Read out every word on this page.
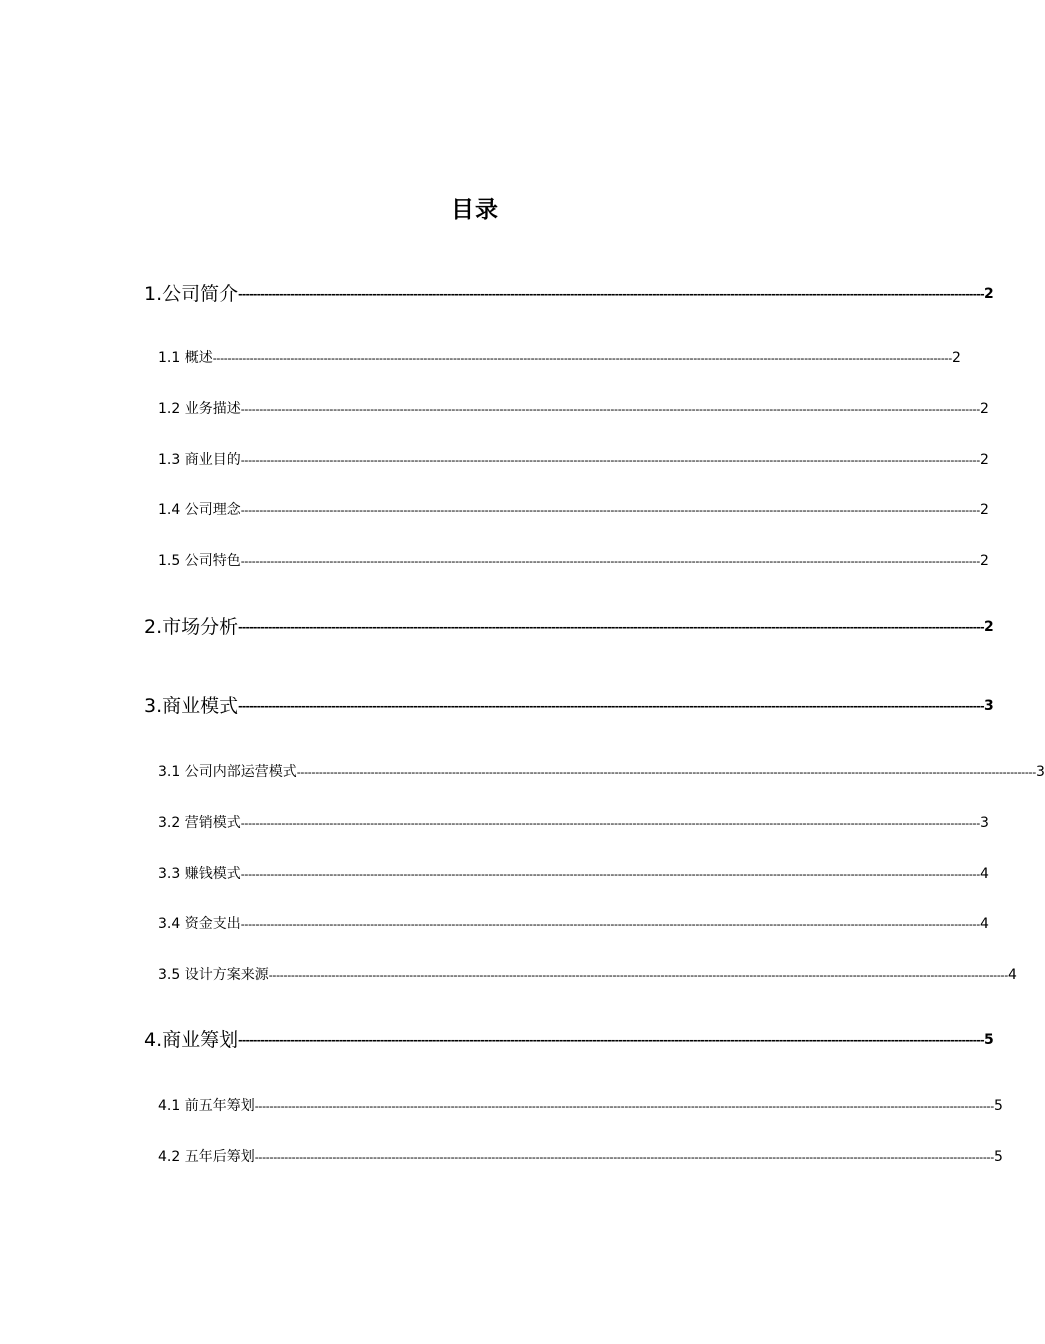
目录
1.公司简介 -------------------------------------------------------------------------------------------------------------------------------------------------------------------------------------------------------- 2
1.1 概述 -------------------------------------------------------------------------------------------------------------------------------------------------------------------------------------------------------- 2
1.2 业务描述 -------------------------------------------------------------------------------------------------------------------------------------------------------------------------------------------------------- 2
1.3 商业目的 -------------------------------------------------------------------------------------------------------------------------------------------------------------------------------------------------------- 2
1.4 公司理念 -------------------------------------------------------------------------------------------------------------------------------------------------------------------------------------------------------- 2
1.5 公司特色 -------------------------------------------------------------------------------------------------------------------------------------------------------------------------------------------------------- 2
2.市场分析 -------------------------------------------------------------------------------------------------------------------------------------------------------------------------------------------------------- 2
3.商业模式 -------------------------------------------------------------------------------------------------------------------------------------------------------------------------------------------------------- 3
3.1 公司内部运营模式 -------------------------------------------------------------------------------------------------------------------------------------------------------------------------------------------------------- 3
3.2 营销模式 -------------------------------------------------------------------------------------------------------------------------------------------------------------------------------------------------------- 3
3.3 赚钱模式 -------------------------------------------------------------------------------------------------------------------------------------------------------------------------------------------------------- 4
3.4 资金支出 -------------------------------------------------------------------------------------------------------------------------------------------------------------------------------------------------------- 4
3.5 设计方案来源 -------------------------------------------------------------------------------------------------------------------------------------------------------------------------------------------------------- 4
4.商业筹划 -------------------------------------------------------------------------------------------------------------------------------------------------------------------------------------------------------- 5
4.1 前五年筹划 -------------------------------------------------------------------------------------------------------------------------------------------------------------------------------------------------------- 5
4.2 五年后筹划 -------------------------------------------------------------------------------------------------------------------------------------------------------------------------------------------------------- 5
